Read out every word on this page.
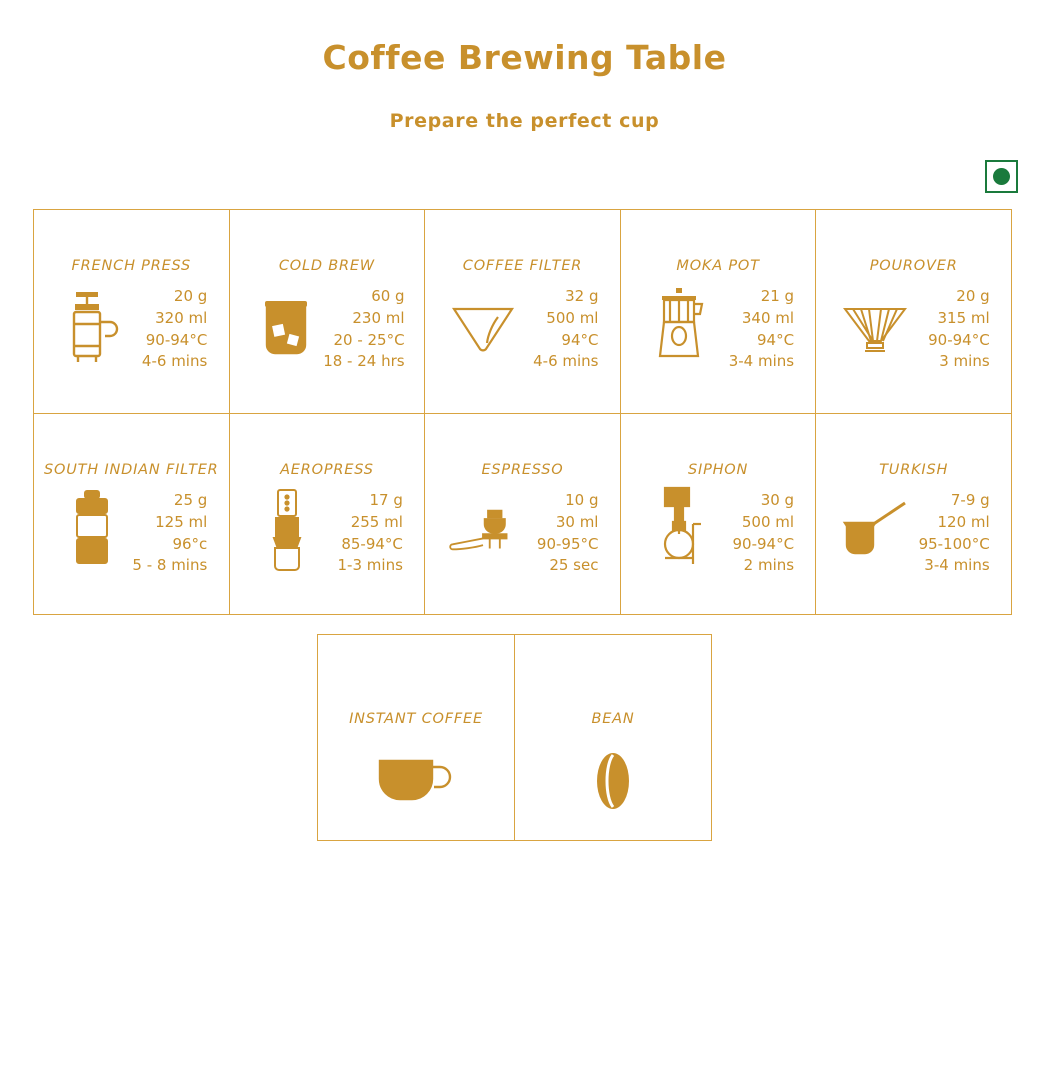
Coffee Brewing Table
Prepare the perfect cup
FRENCH PRESS
20 g
320 ml
90-94°C
4-6 mins
COLD BREW
60 g
230 ml
20 - 25°C
18 - 24 hrs
COFFEE FILTER
32 g
500 ml
94°C
4-6 mins
MOKA POT
21 g
340 ml
94°C
3-4 mins
POUROVER
20 g
315 ml
90-94°C
3 mins
SOUTH INDIAN FILTER
25 g
125 ml
96°c
5 - 8 mins
AEROPRESS
17 g
255 ml
85-94°C
1-3 mins
ESPRESSO
10 g
30 ml
90-95°C
25 sec
SIPHON
30 g
500 ml
90-94°C
2 mins
TURKISH
7-9 g
120 ml
95-100°C
3-4 mins
INSTANT COFFEE	BEAN
